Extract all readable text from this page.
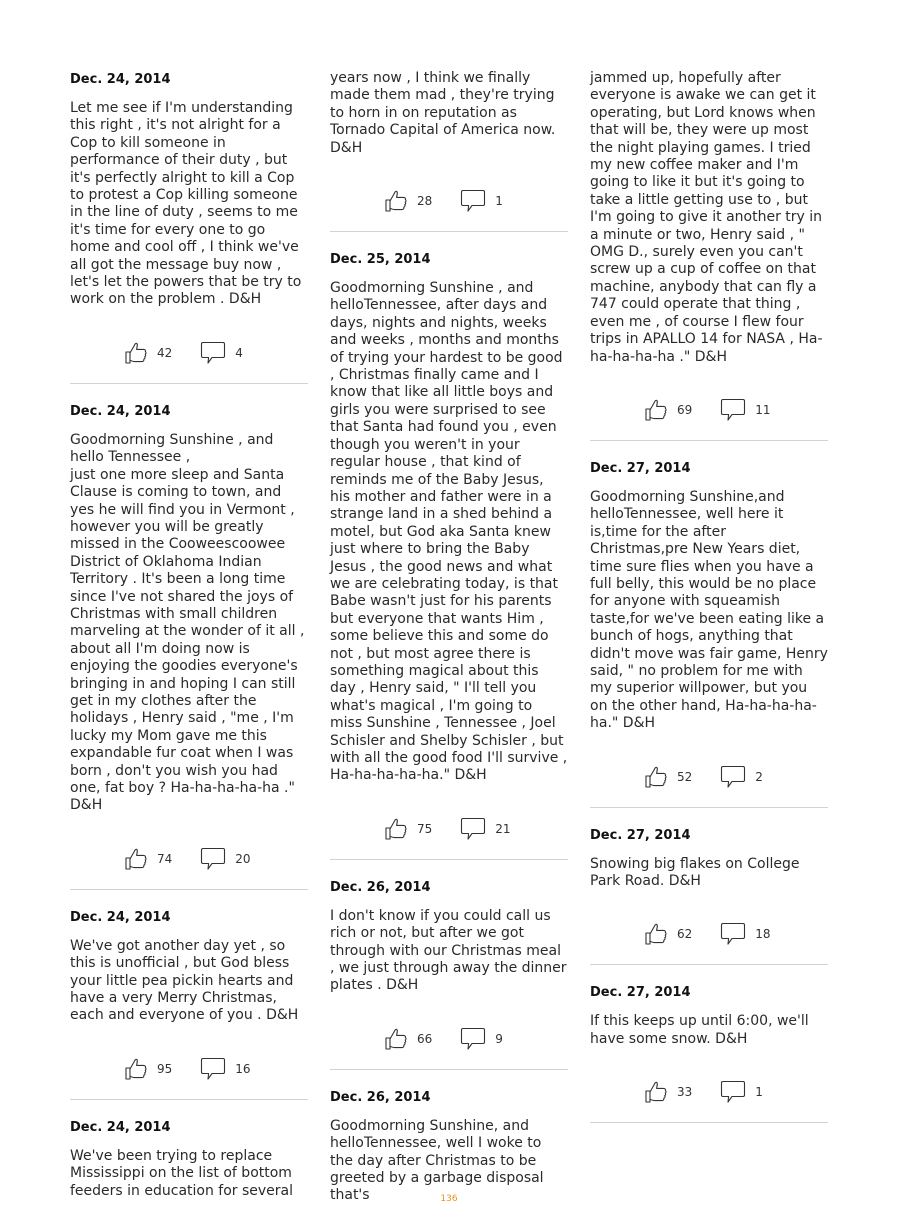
Dec. 24, 2014
Let me see if I'm understanding this right , it's not alright for a Cop to kill someone in performance of their duty , but it's perfectly alright to kill a Cop to protest a Cop killing someone in the line of duty , seems to me it's time for every one to go home and cool off , I think we've all got the message buy now , let's let the powers that be try to work on the problem . D&H
42	4
Dec. 24, 2014
Goodmorning Sunshine , and hello Tennessee ,
just one more sleep and Santa Clause is coming to town, and yes he will find you in Vermont , however you will be greatly missed in the Cooweescoowee District of Oklahoma Indian Territory . It's been a long time since I've not shared the joys of Christmas with small children marveling at the wonder of it all , about all I'm doing now is enjoying the goodies everyone's bringing in and hoping I can still get in my clothes after the holidays , Henry said , "me , I'm lucky my Mom gave me this expandable fur coat when I was born , don't you wish you had one, fat boy ? Ha-ha-ha-ha-ha ." D&H
74	20
Dec. 24, 2014
We've got another day yet , so this is unofficial , but God bless your little pea pickin hearts and have a very Merry Christmas, each and everyone of you . D&H
95	16
Dec. 24, 2014
We've been trying to replace Mississippi on the list of bottom feeders in education for several
years now , I think we finally made them mad , they're trying to horn in on reputation as Tornado Capital of America now. D&H
28	1
Dec. 25, 2014
Goodmorning Sunshine , and helloTennessee, after days and days, nights and nights, weeks and weeks , months and months of trying your hardest to be good , Christmas finally came and I know that like all little boys and girls you were surprised to see that Santa had found you , even though you weren't in your regular house , that kind of reminds me of the Baby Jesus, his mother and father were in a strange land in a shed behind a motel, but God aka Santa knew just where to bring the Baby Jesus , the good news and what we are celebrating today, is that Babe wasn't just for his parents but everyone that wants Him , some believe this and some do not , but most agree there is something magical about this day , Henry said, " I'll tell you what's magical , I'm going to miss Sunshine , Tennessee , Joel Schisler and Shelby Schisler , but with all the good food I'll survive , Ha-ha-ha-ha-ha." D&H
75	21
Dec. 26, 2014
I don't know if you could call us rich or not, but after we got through with our Christmas meal , we just through away the dinner plates . D&H
66	9
Dec. 26, 2014
Goodmorning Sunshine, and helloTennessee, well I woke to the day after Christmas to be greeted by a garbage disposal that's
jammed up, hopefully after everyone is awake we can get it operating, but Lord knows when that will be, they were up most the night playing games. I tried my new coffee maker and I'm going to like it but it's going to take a little getting use to , but I'm going to give it another try in a minute or two, Henry said , " OMG D., surely even you can't screw up a cup of coffee on that machine, anybody that can fly a 747 could operate that thing , even me , of course I flew four trips in APALLO 14 for NASA , Ha-ha-ha-ha-ha ." D&H
69	11
Dec. 27, 2014
Goodmorning Sunshine,and helloTennessee, well here it is,time for the after Christmas,pre New Years diet, time sure flies when you have a full belly, this would be no place for anyone with squeamish taste,for we've been eating like a bunch of hogs, anything that didn't move was fair game, Henry said, " no problem for me with my superior willpower, but you on the other hand, Ha-ha-ha-ha-ha." D&H
52	2
Dec. 27, 2014
Snowing big flakes on College Park Road. D&H
62	18
Dec. 27, 2014
If this keeps up until 6:00, we'll have some snow. D&H
33	1
136
